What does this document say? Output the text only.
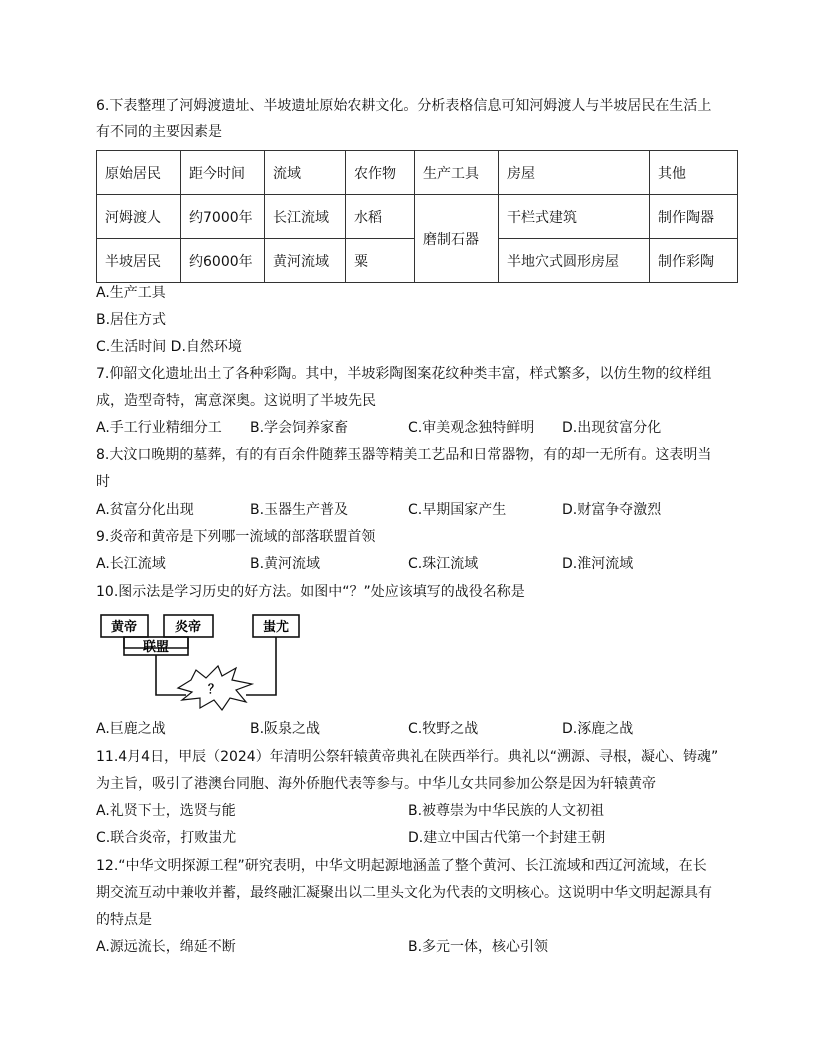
6.下表整理了河姆渡遗址、半坡遗址原始农耕文化。分析表格信息可知河姆渡人与半坡居民在生活上
有不同的主要因素是
原始居民	距今时间	流域	农作物	生产工具	房屋	其他
河姆渡人	约7000年	长江流域	水稻	磨制石器	干栏式建筑	制作陶器
半坡居民	约6000年	黄河流域	粟		半地穴式圆形房屋	制作彩陶
A.生产工具
B.居住方式
C.生活时间 D.自然环境
7.仰韶文化遗址出土了各种彩陶。其中，半坡彩陶图案花纹种类丰富，样式繁多，以仿生物的纹样组
成，造型奇特，寓意深奥。这说明了半坡先民
A.手工行业精细分工 B.学会饲养家畜	C.审美观念独特鲜明 D.出现贫富分化
8.大汶口晚期的墓葬，有的有百余件随葬玉器等精美工艺品和日常器物，有的却一无所有。这表明当
时
A.贫富分化出现	B.玉器生产普及	C.早期国家产生	D.财富争夺激烈
9.炎帝和黄帝是下列哪一流域的部落联盟首领
A.长江流域	B.黄河流域	C.珠江流域	D.淮河流域
10.图示法是学习历史的好方法。如图中“？”处应该填写的战役名称是
黄帝	炎帝	蚩尤
联盟
？
A.巨鹿之战	B.阪泉之战	C.牧野之战	D.涿鹿之战
11.4月4日，甲辰（2024）年清明公祭轩辕黄帝典礼在陕西举行。典礼以“溯源、寻根，凝心、铸魂”
为主旨，吸引了港澳台同胞、海外侨胞代表等参与。中华儿女共同参加公祭是因为轩辕黄帝
A.礼贤下士，选贤与能	B.被尊崇为中华民族的人文初祖
C.联合炎帝，打败蚩尤	D.建立中国古代第一个封建王朝
12.“中华文明探源工程”研究表明，中华文明起源地涵盖了整个黄河、长江流域和西辽河流域，在长
期交流互动中兼收并蓄，最终融汇凝聚出以二里头文化为代表的文明核心。这说明中华文明起源具有
的特点是
A.源远流长，绵延不断	B.多元一体，核心引领
